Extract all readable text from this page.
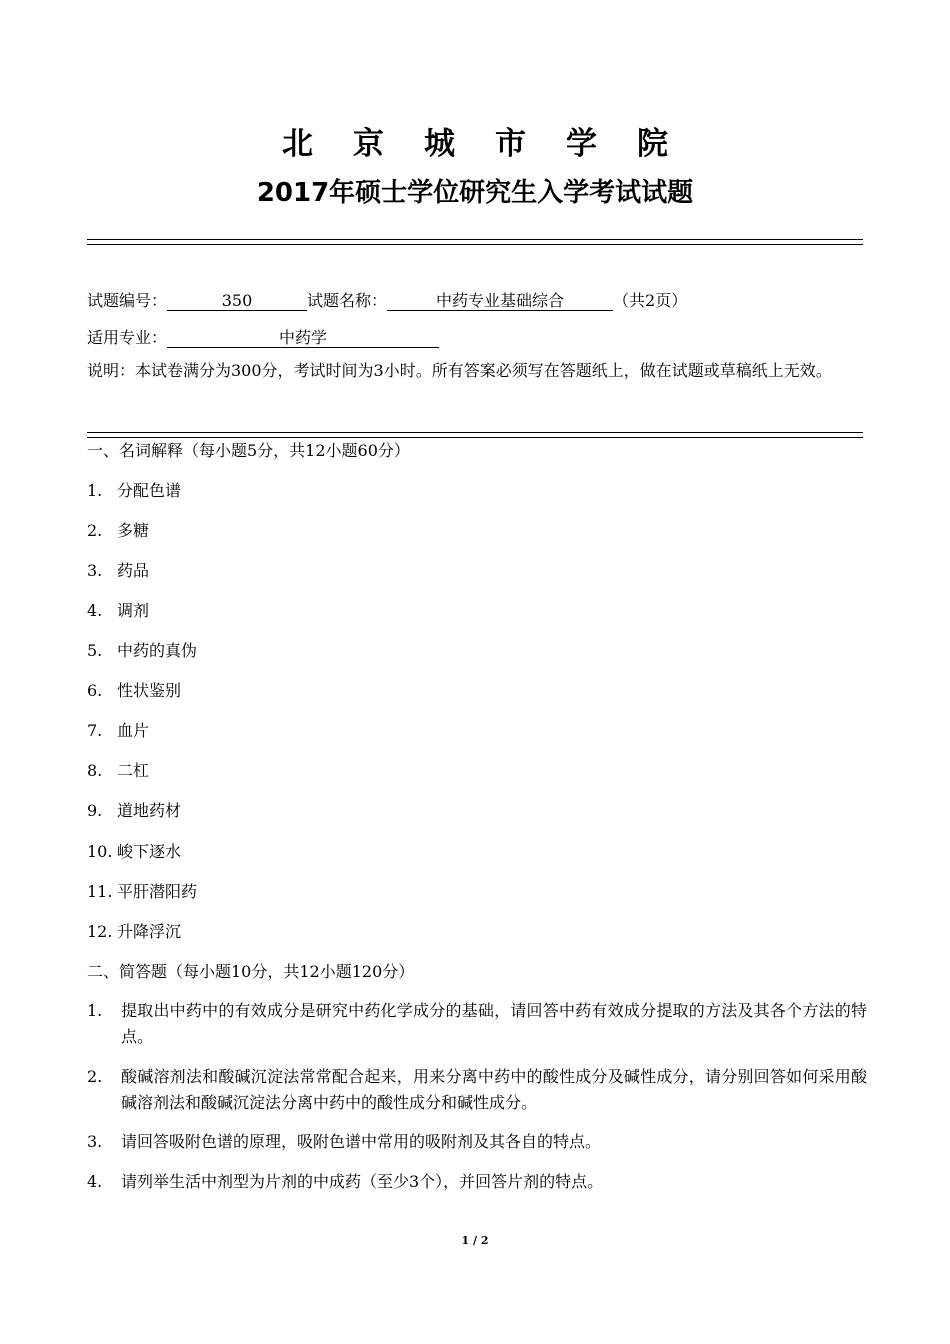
北京城市学院
2017年硕士学位研究生入学考试试题
试题编号：	350	试题名称：	中药专业基础综合	（共2页）
适用专业：	中药学
说明：本试卷满分为300分，考试时间为3小时。所有答案必须写在答题纸上，做在试题或草稿纸上无效。
一、名词解释（每小题5分，共12小题60分）
1. 分配色谱
2. 多糖
3. 药品
4. 调剂
5. 中药的真伪
6. 性状鉴别
7. 血片
8. 二杠
9. 道地药材
10. 峻下逐水
11. 平肝潜阳药
12. 升降浮沉
二、简答题（每小题10分，共12小题120分）
1. 提取出中药中的有效成分是研究中药化学成分的基础，请回答中药有效成分提取的方法及其各个方法的特点。
2. 酸碱溶剂法和酸碱沉淀法常常配合起来，用来分离中药中的酸性成分及碱性成分，请分别回答如何采用酸碱溶剂法和酸碱沉淀法分离中药中的酸性成分和碱性成分。
3. 请回答吸附色谱的原理，吸附色谱中常用的吸附剂及其各自的特点。
4. 请列举生活中剂型为片剂的中成药（至少3个），并回答片剂的特点。
1 / 2
